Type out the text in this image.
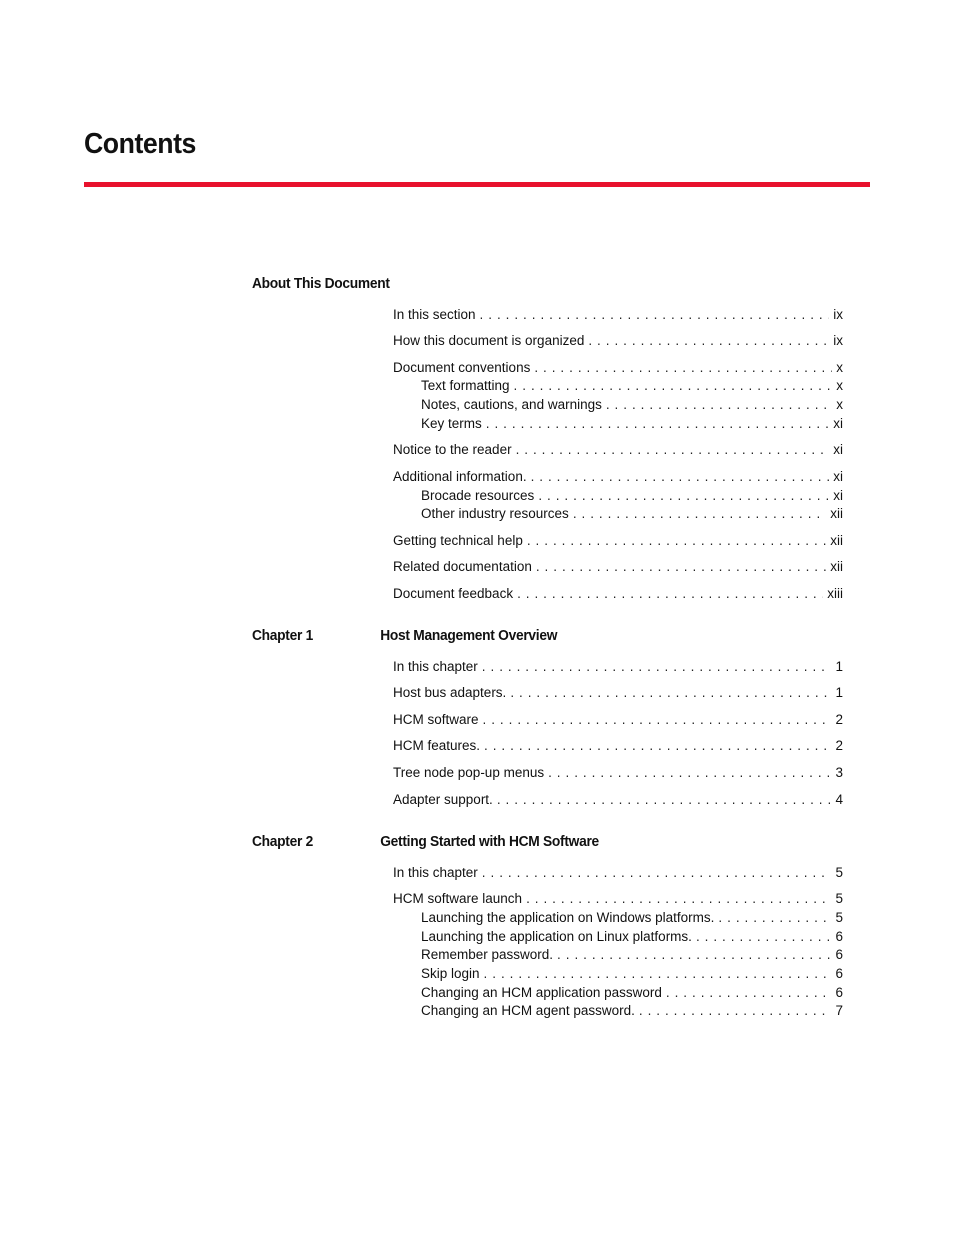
Contents
About This Document
In this section . . .	ix
How this document is organized . . .	ix
Document conventions . . .	x
Text formatting . . .	x
Notes, cautions, and warnings . . .	x
Key terms . . .	xi
Notice to the reader . . .	xi
Additional information. . . .	xi
Brocade resources . . .	xi
Other industry resources . . .	xii
Getting technical help . . .	xii
Related documentation . . .	xii
Document feedback . . .	xiii
Chapter 1	Host Management Overview
In this chapter . . .	1
Host bus adapters. . . .	1
HCM software . . .	2
HCM features. . . .	2
Tree node pop-up menus . . .	3
Adapter support. . . .	4
Chapter 2	Getting Started with HCM Software
In this chapter . . .	5
HCM software launch . . .	5
Launching the application on Windows platforms. . . .	5
Launching the application on Linux platforms. . . .	6
Remember password. . . .	6
Skip login . . .	6
Changing an HCM application password . . .	6
Changing an HCM agent password. . . .	7
